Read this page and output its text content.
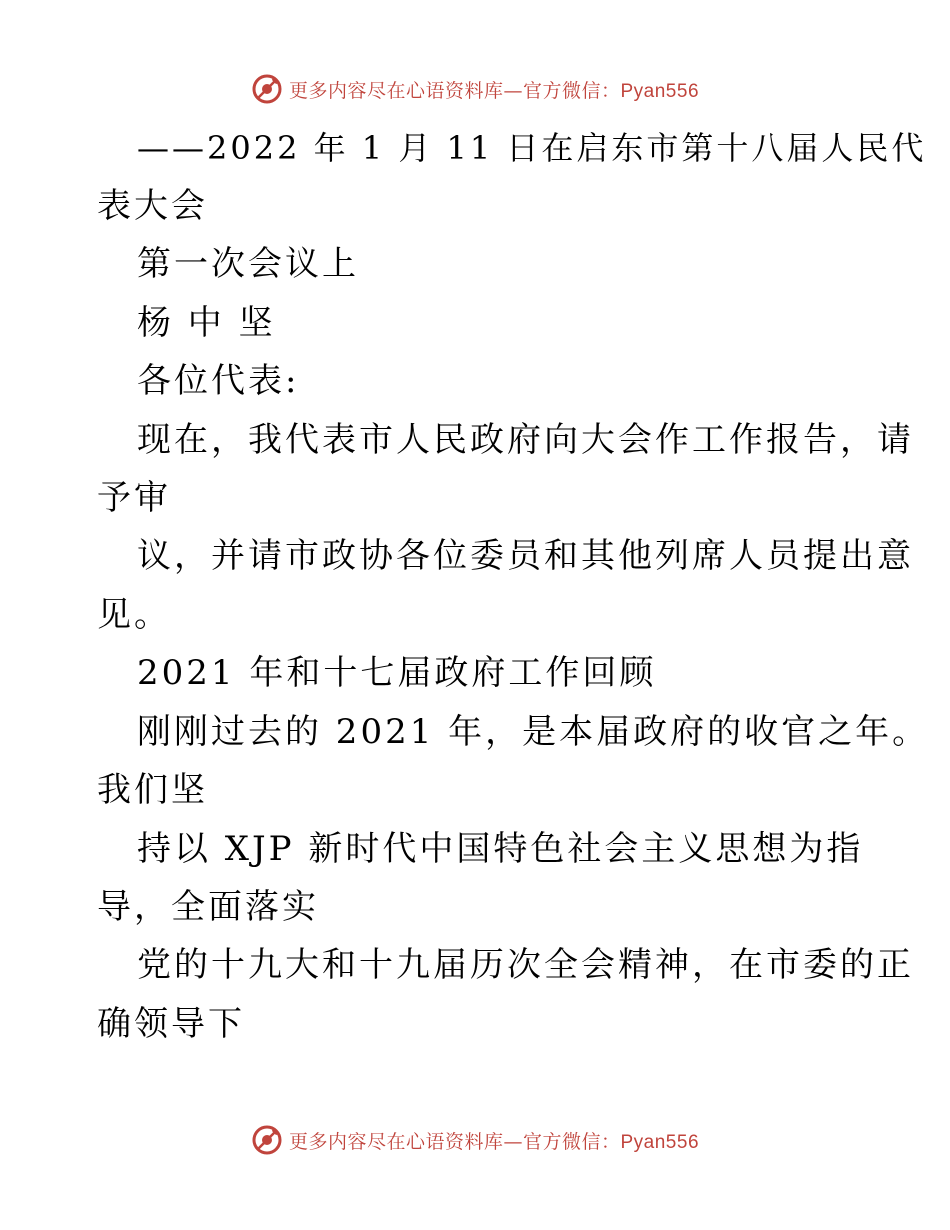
更多内容尽在心语资料库—官方微信：Pyan556
——2022 年 1 月 11 日在启东市第十八届人民代
表大会
第一次会议上
杨 中 坚
各位代表:
现在，我代表市人民政府向大会作工作报告，请
予审
议，并请市政协各位委员和其他列席人员提出意
见。
2021 年和十七届政府工作回顾
刚刚过去的 2021 年，是本届政府的收官之年。
我们坚
持以 XJP 新时代中国特色社会主义思想为指
导，全面落实
党的十九大和十九届历次全会精神，在市委的正
确领导下
更多内容尽在心语资料库—官方微信：Pyan556
